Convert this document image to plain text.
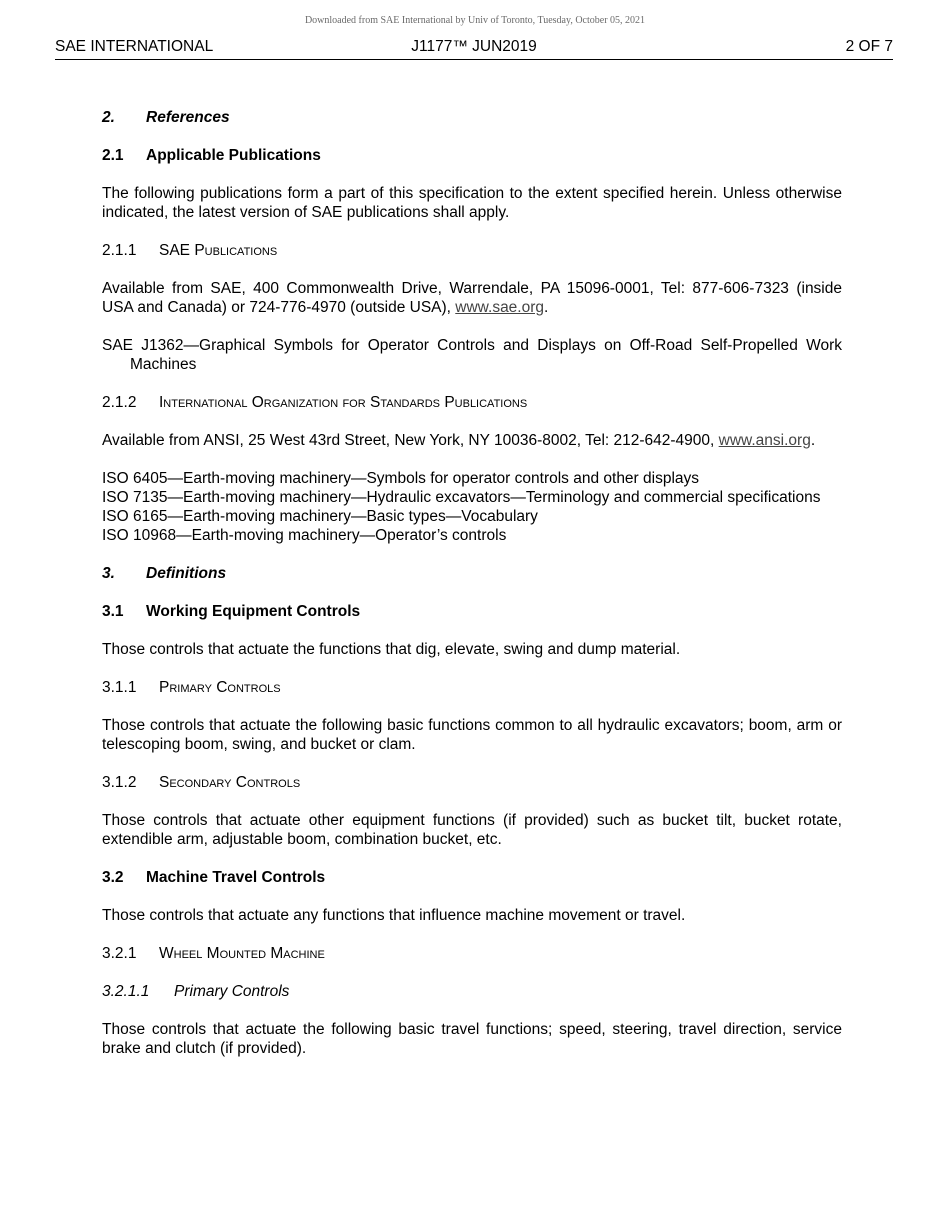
Downloaded from SAE International by Univ of Toronto, Tuesday, October 05, 2021
SAE INTERNATIONAL	J1177™ JUN2019	2 OF 7
2. References
2.1 Applicable Publications

The following publications form a part of this specification to the extent specified herein. Unless otherwise indicated, the latest version of SAE publications shall apply.

2.1.1 SAE Publications

Available from SAE, 400 Commonwealth Drive, Warrendale, PA 15096-0001, Tel: 877-606-7323 (inside USA and Canada) or 724-776-4970 (outside USA), www.sae.org.

SAE J1362—Graphical Symbols for Operator Controls and Displays on Off-Road Self-Propelled Work Machines

2.1.2 International Organization for Standards Publications

Available from ANSI, 25 West 43rd Street, New York, NY 10036-8002, Tel: 212-642-4900, www.ansi.org.

ISO 6405—Earth-moving machinery—Symbols for operator controls and other displays
ISO 7135—Earth-moving machinery—Hydraulic excavators—Terminology and commercial specifications
ISO 6165—Earth-moving machinery—Basic types—Vocabulary
ISO 10968—Earth-moving machinery—Operator’s controls
3. Definitions
3.1 Working Equipment Controls

Those controls that actuate the functions that dig, elevate, swing and dump material.

3.1.1 Primary Controls

Those controls that actuate the following basic functions common to all hydraulic excavators; boom, arm or telescoping boom, swing, and bucket or clam.

3.1.2 Secondary Controls

Those controls that actuate other equipment functions (if provided) such as bucket tilt, bucket rotate, extendible arm, adjustable boom, combination bucket, etc.

3.2 Machine Travel Controls

Those controls that actuate any functions that influence machine movement or travel.

3.2.1 Wheel Mounted Machine
3.2.1.1 Primary Controls

Those controls that actuate the following basic travel functions; speed, steering, travel direction, service brake and clutch (if provided).
